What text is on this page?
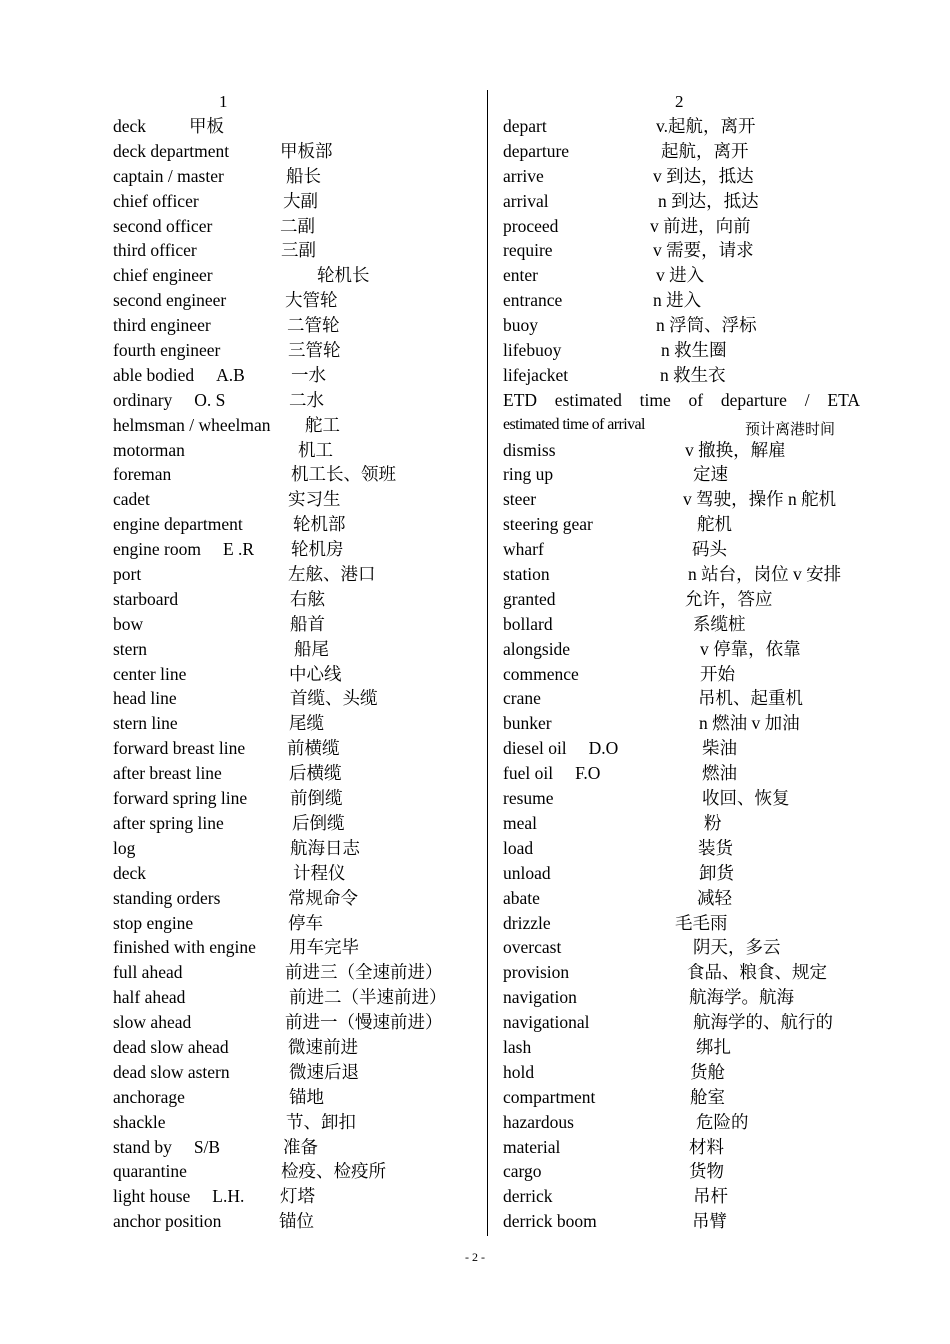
1
deck 甲板
deck department	甲板部
captain / master	船长
chief officer	大副
second officer	二副
third officer	三副
chief engineer	轮机长
second engineer	大管轮
third engineer	二管轮
fourth engineer	三管轮
able bodied A.B	一水
ordinary O. S	二水
helmsman / wheelman 舵工
motorman	机工
foreman	机工长、领班
cadet	实习生
engine department	轮机部
engine room E .R 轮机房
port	左舷、港口
starboard	右舷
bow	船首
stern	船尾
center line	中心线
head line	首缆、头缆
stern line	尾缆
forward breast line 前横缆
after breast line	后横缆
forward spring line 前倒缆
after spring line	后倒缆
log	航海日志
deck	计程仪
standing orders	常规命令
stop engine	停车
finished with engine 用车完毕
full ahead	前进三（全速前进）
half ahead	前进二（半速前进）
slow ahead	前进一（慢速前进）
dead slow ahead	微速前进
dead slow astern	微速后退
anchorage	锚地
shackle	节、卸扣
stand by S/B	准备
quarantine	检疫、检疫所
light house L.H. 灯塔
anchor position	锚位
2
depart	v.起航，离开
departure	起航，离开
arrive	v 到达，抵达
arrival	n 到达，抵达
proceed	v 前进，向前
require	v 需要，请求
enter	v 进入
entrance	n 进入
buoy	n 浮筒、浮标
lifebuoy	n 救生圈
lifejacket	n 救生衣
ETD estimated time of departure / ETA
estimated time of arrival	预计离港时间
dismiss	v 撤换，解雇
ring up	定速
steer	v 驾驶，操作 n 舵机
steering gear	舵机
wharf	码头
station	n 站台，岗位 v 安排
granted	允许，答应
bollard	系缆桩
alongside	v 停靠，依靠
commence	开始
crane	吊机、起重机
bunker	n 燃油 v 加油
diesel oil D.O	柴油
fuel oil F.O	燃油
resume	收回、恢复
meal	粉
load	装货
unload	卸货
abate	减轻
drizzle	毛毛雨
overcast	阴天，多云
provision	食品、粮食、规定
navigation	航海学。航海
navigational	航海学的、航行的
lash	绑扎
hold	货舱
compartment	舱室
hazardous	危险的
material	材料
cargo	货物
derrick	吊杆
derrick boom	吊臂
- 2 -
